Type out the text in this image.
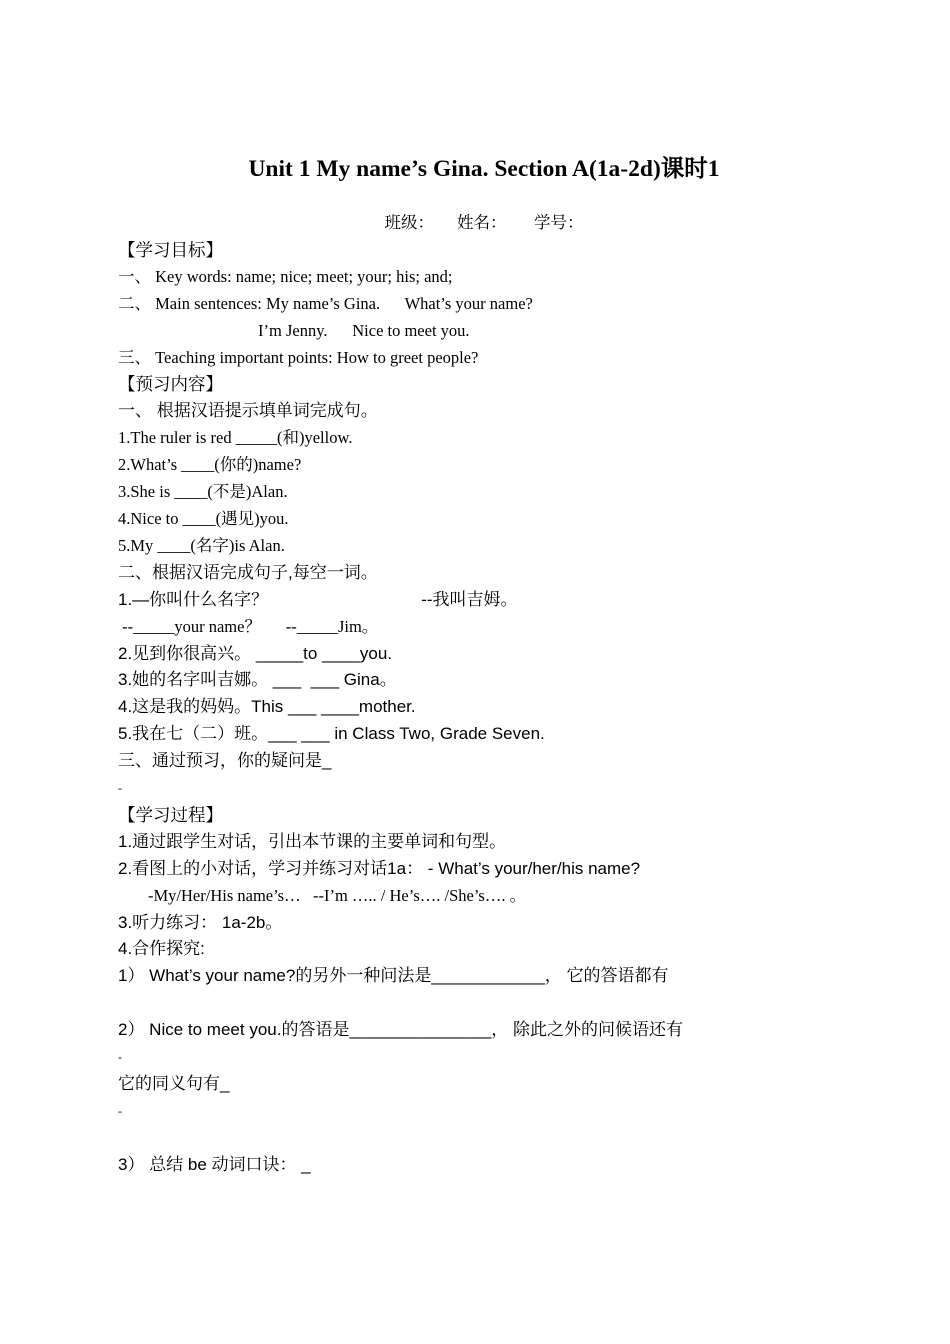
Unit 1 My name’s Gina. Section A(1a-2d)课时1

班级：     姓名：      学号：

【学习目标】

一、 Key words: name; nice; meet; your; his; and;

二、 Main sentences: My name’s Gina.      What’s your name?

I’m Jenny.      Nice to meet you.

三、 Teaching important points: How to greet people?

【预习内容】

一、 根据汉语提示填单词完成句。

1.The ruler is red _____(和)yellow.

2.What’s ____(你的)name?

3.She is ____(不是)Alan.

4.Nice to ____(遇见)you.

5.My ____(名字)is Alan.

二、根据汉语完成句子,每空一词。

1.—你叫什么名字？　　　　　　　　　--我叫吉姆。

--_____your name？      --_____Jim。

2.见到你很高兴。 _____to ____you.

3.她的名字叫吉娜。 ___  ___ Gina。

4.这是我的妈妈。This ___ ____mother.

5.我在七（二）班。___ ___ in Class Two, Grade Seven.

三、通过预习，你的疑问是_

-

【学习过程】

1.通过跟学生对话，引出本节课的主要单词和句型。

2.看图上的小对话，学习并练习对话1a： - What’s your/her/his name?

-My/Her/His name’s…   --I’m ….. / He’s…. /She’s…. 。

3.听力练习： 1a-2b。

4.合作探究:

1） What’s your name?的另外一种问法是____________， 它的答语都有

2） Nice to meet you.的答语是_______________， 除此之外的问候语还有

-

它的同义句有_

-

3） 总结 be 动词口诀： _
